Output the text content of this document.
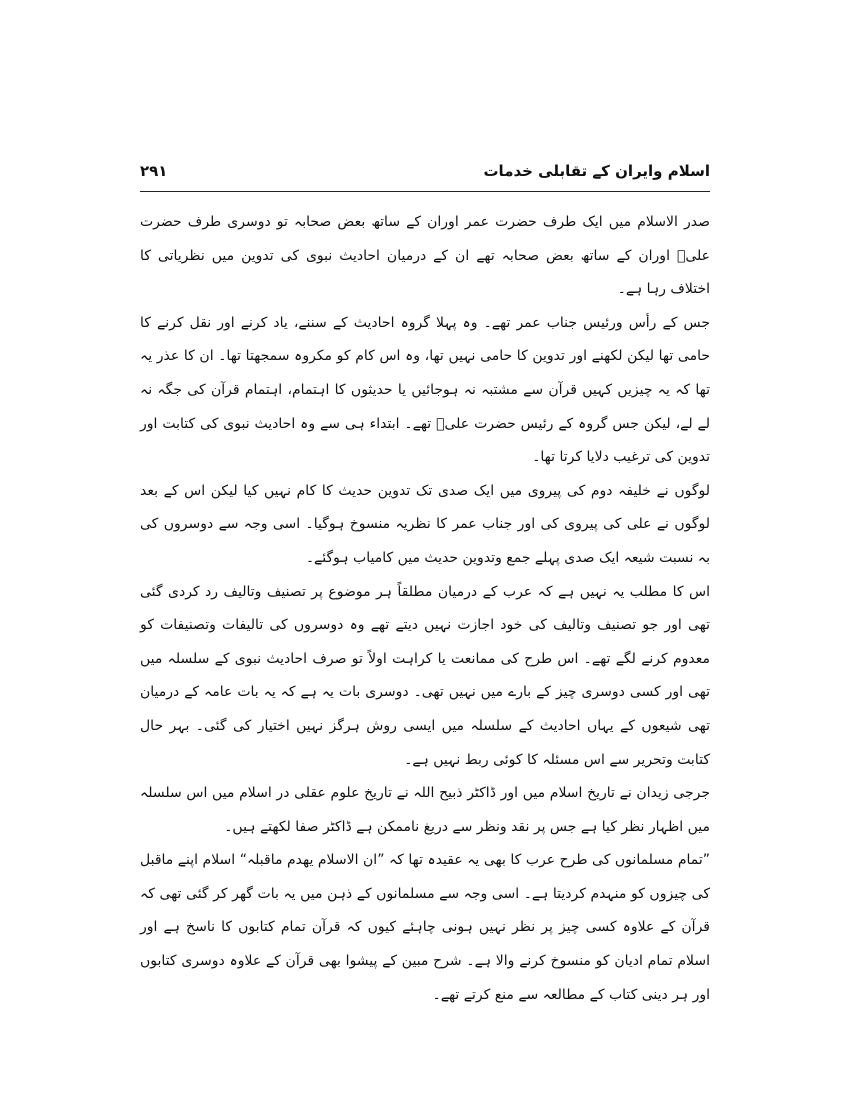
اسلام وایران کے تقابلی خدمات
٢٩١

صدر الاسلام میں ایک طرف حضرت عمر اوران کے ساتھ بعض صحابہ تو دوسری طرف حضرت علیؑ اوران کے ساتھ بعض صحابہ تھے ان کے درمیان احادیث نبوی کی تدوین میں نظریاتی کا اختلاف رہا ہے۔

جس کے رأس ورئیس جناب عمر تھے۔ وہ پہلا گروہ احادیث کے سننے، یاد کرنے اور نقل کرنے کا حامی تھا لیکن لکھنے اور تدوین کا حامی نہیں تھا، وہ اس کام کو مکروہ سمجھتا تھا۔ ان کا عذر یہ تھا کہ یہ چیزیں کہیں قرآن سے مشتبہ نہ ہوجائیں یا حدیثوں کا اہتمام، اہتمام قرآن کی جگہ نہ لے لے، لیکن جس گروہ کے رئیس حضرت علیؑ تھے۔ ابتداء ہی سے وہ احادیث نبوی کی کتابت اور تدوین کی ترغیب دلایا کرتا تھا۔

لوگوں نے خلیفہ دوم کی پیروی میں ایک صدی تک تدوین حدیث کا کام نہیں کیا لیکن اس کے بعد لوگوں نے علی کی پیروی کی اور جناب عمر کا نظریہ منسوخ ہوگیا۔ اسی وجہ سے دوسروں کی بہ نسبت شیعہ ایک صدی پہلے جمع وتدوین حدیث میں کامیاب ہوگئے۔

اس کا مطلب یہ نہیں ہے کہ عرب کے درمیان مطلقاً ہر موضوع پر تصنیف وتالیف رد کردی گئی تھی اور جو تصنیف وتالیف کی خود اجازت نہیں دیتے تھے وہ دوسروں کی تالیفات وتصنیفات کو معدوم کرنے لگے تھے۔ اس طرح کی ممانعت یا کراہت اولاً تو صرف احادیث نبوی کے سلسلہ میں تھی اور کسی دوسری چیز کے بارے میں نہیں تھی۔ دوسری بات یہ ہے کہ یہ بات عامہ کے درمیان تھی شیعوں کے یہاں احادیث کے سلسلہ میں ایسی روش ہرگز نہیں اختیار کی گئی۔ بہر حال کتابت وتحریر سے اس مسئلہ کا کوئی ربط نہیں ہے۔

جرجی زیدان نے تاریخ اسلام میں اور ڈاکٹر ذبیح اللہ نے تاریخ علوم عقلی در اسلام میں اس سلسلہ میں اظہار نظر کیا ہے جس پر نقد ونظر سے دریغ ناممکن ہے ڈاکٹر صفا لکھتے ہیں۔

”تمام مسلمانوں کی طرح عرب کا بھی یہ عقیدہ تھا کہ ”ان الاسلام یھدم ماقبلہ“ اسلام اپنے ماقبل کی چیزوں کو منہدم کردیتا ہے۔ اسی وجہ سے مسلمانوں کے ذہن میں یہ بات گھر کر گئی تھی کہ قرآن کے علاوہ کسی چیز پر نظر نہیں ہونی چاہئے کیوں کہ قرآن تمام کتابوں کا ناسخ ہے اور اسلام تمام ادیان کو منسوخ کرنے والا ہے۔ شرح مبین کے پیشوا بھی قرآن کے علاوہ دوسری کتابوں اور ہر دینی کتاب کے مطالعہ سے منع کرتے تھے۔
